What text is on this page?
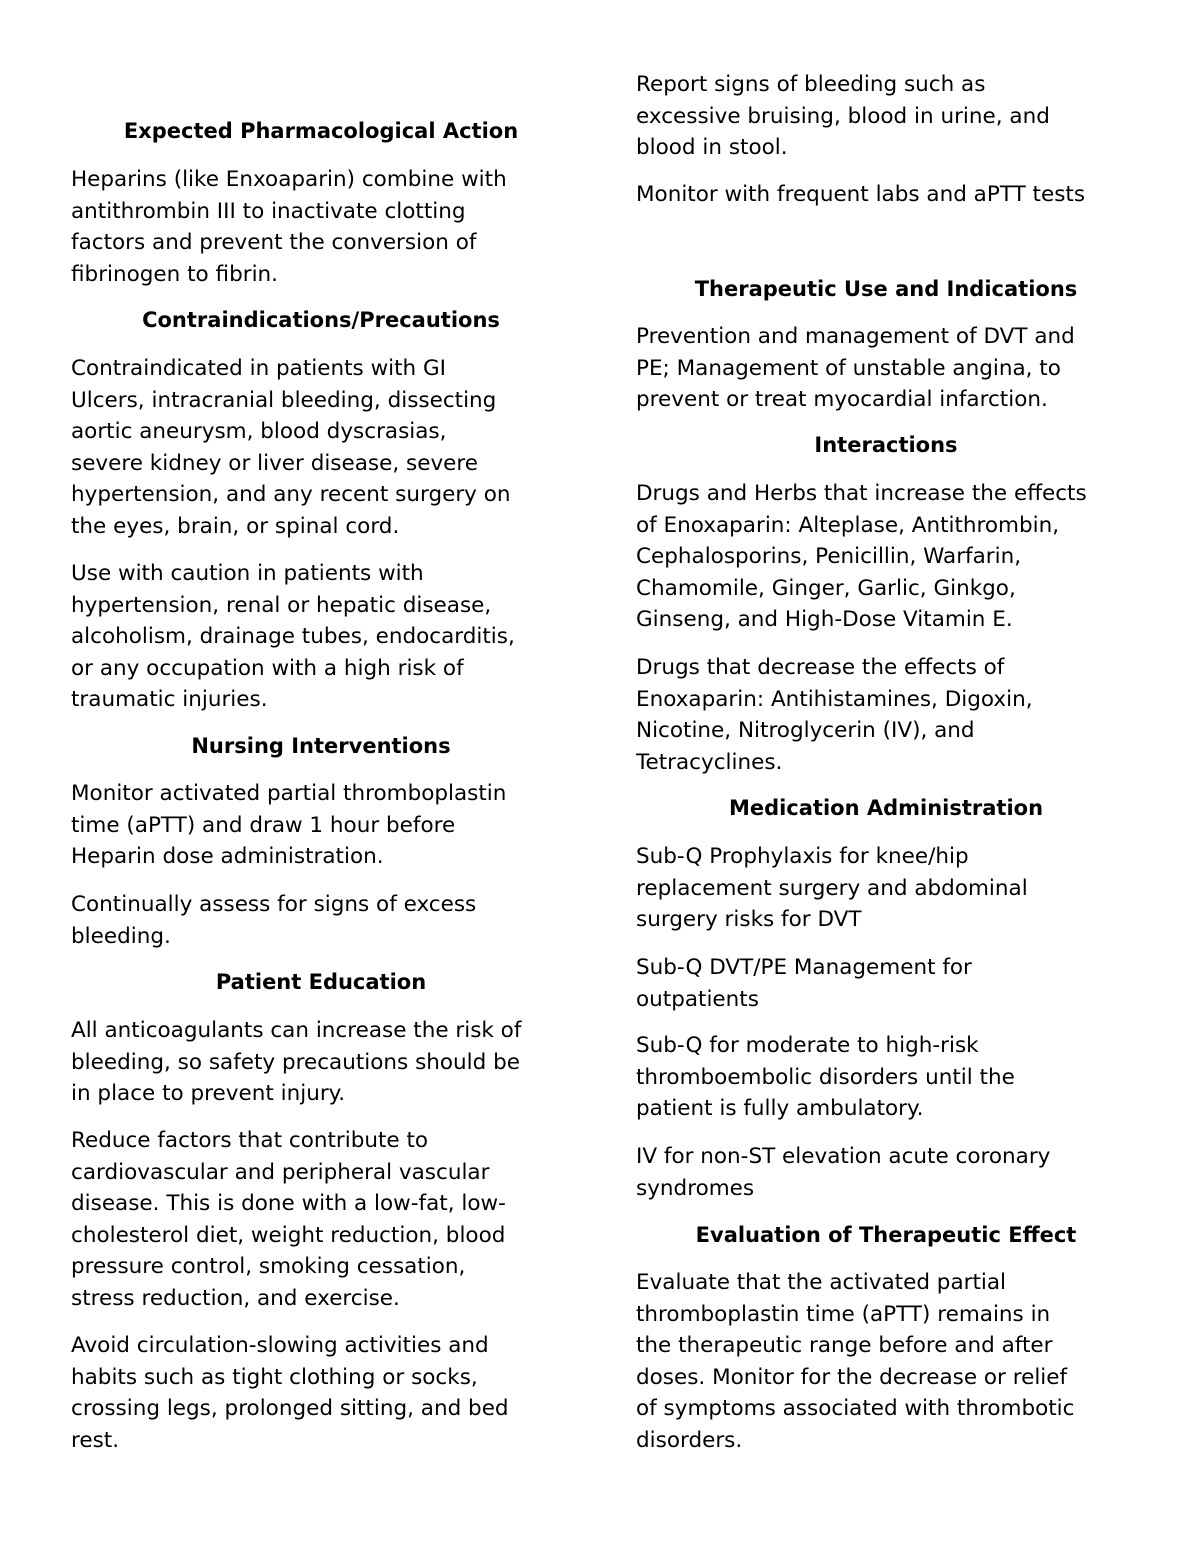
Expected Pharmacological Action
Heparins (like Enxoaparin) combine with
antithrombin III to inactivate clotting
factors and prevent the conversion of
fibrinogen to fibrin.
Contraindications/Precautions
Contraindicated in patients with GI
Ulcers, intracranial bleeding, dissecting
aortic aneurysm, blood dyscrasias,
severe kidney or liver disease, severe
hypertension, and any recent surgery on
the eyes, brain, or spinal cord.
Use with caution in patients with
hypertension, renal or hepatic disease,
alcoholism, drainage tubes, endocarditis,
or any occupation with a high risk of
traumatic injuries.
Nursing Interventions
Monitor activated partial thromboplastin
time (aPTT) and draw 1 hour before
Heparin dose administration.
Continually assess for signs of excess
bleeding.
Patient Education
All anticoagulants can increase the risk of
bleeding, so safety precautions should be
in place to prevent injury.
Reduce factors that contribute to
cardiovascular and peripheral vascular
disease. This is done with a low-fat, low-
cholesterol diet, weight reduction, blood
pressure control, smoking cessation,
stress reduction, and exercise.
Avoid circulation-slowing activities and
habits such as tight clothing or socks,
crossing legs, prolonged sitting, and bed
rest.
Report signs of bleeding such as
excessive bruising, blood in urine, and
blood in stool.
Monitor with frequent labs and aPTT tests
Therapeutic Use and Indications
Prevention and management of DVT and
PE; Management of unstable angina, to
prevent or treat myocardial infarction.
Interactions
Drugs and Herbs that increase the effects
of Enoxaparin: Alteplase, Antithrombin,
Cephalosporins, Penicillin, Warfarin,
Chamomile, Ginger, Garlic, Ginkgo,
Ginseng, and High-Dose Vitamin E.
Drugs that decrease the effects of
Enoxaparin: Antihistamines, Digoxin,
Nicotine, Nitroglycerin (IV), and
Tetracyclines.
Medication Administration
Sub-Q Prophylaxis for knee/hip
replacement surgery and abdominal
surgery risks for DVT
Sub-Q DVT/PE Management for
outpatients
Sub-Q for moderate to high-risk
thromboembolic disorders until the
patient is fully ambulatory.
IV for non-ST elevation acute coronary
syndromes
Evaluation of Therapeutic Effect
Evaluate that the activated partial
thromboplastin time (aPTT) remains in
the therapeutic range before and after
doses. Monitor for the decrease or relief
of symptoms associated with thrombotic
disorders.
